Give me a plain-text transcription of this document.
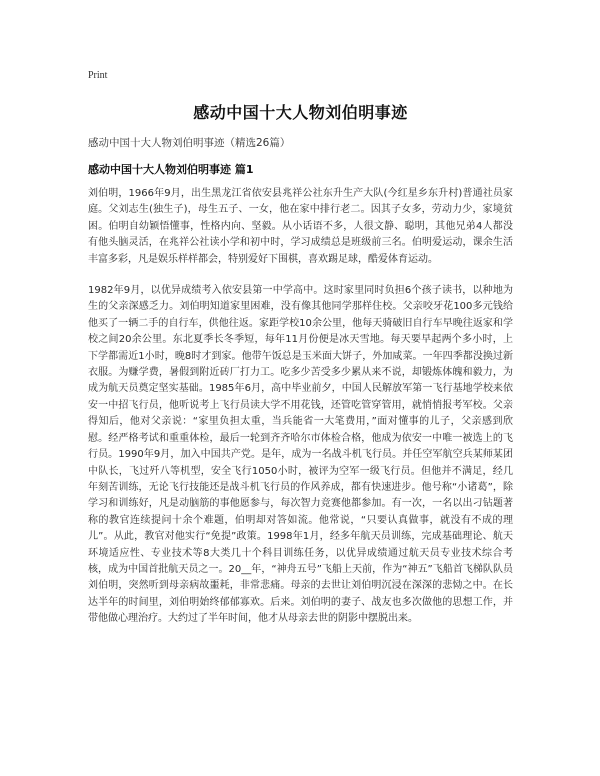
Print
感动中国十大人物刘伯明事迹

感动中国十大人物刘伯明事迹（精选26篇）

感动中国十大人物刘伯明事迹 篇1

刘伯明，1966年9月，出生黑龙江省依安县兆祥公社东升生产大队(今红星乡东升村)普通社员家庭。父刘志生(独生子)，母生五子、一女，他在家中排行老二。因其子女多，劳动力少，家境贫困。伯明自幼颖悟懂事，性格内向、坚毅。从小话语不多，人很文静、聪明，其他兄弟4人都没有他头脑灵活，在兆祥公社读小学和初中时，学习成绩总是班级前三名。伯明爱运动，课余生活丰富多彩，凡是娱乐样样都会，特别爱好下围棋，喜欢踢足球，酷爱体育运动。

1982年9月，以优异成绩考入依安县第一中学高中。这时家里同时负担6个孩子读书，以种地为生的父亲深感乏力。刘伯明知道家里困难，没有像其他同学那样住校。父亲咬牙花100多元钱给他买了一辆二手的自行车，供他往返。家距学校10余公里，他每天骑破旧自行车早晚往返家和学校之间20余公里。东北夏季长冬季短，每年11月份便是冰天雪地。每天要早起两个多小时，上下学都需近1小时，晚8时才到家。他带午饭总是玉米面大饼子，外加咸菜。一年四季都没换过新衣服。为赚学费，暑假到附近砖厂打力工。吃多少苦受多少累从来不说，却锻炼体魄和毅力，为成为航天员奠定坚实基础。1985年6月，高中毕业前夕，中国人民解放军第一飞行基地学校来依安一中招飞行员，他听说考上飞行员读大学不用花钱，还管吃管穿管用，就悄悄报考军校。父亲得知后，他对父亲说：“家里负担太重，当兵能省一大笔费用，”面对懂事的儿子，父亲感到欣慰。经严格考试和重重体检，最后一轮到齐齐哈尔市体检合格，他成为依安一中唯一被选上的飞行员。1990年9月，加入中国共产党。是年，成为一名战斗机飞行员。并任空军航空兵某师某团中队长，飞过歼八等机型，安全飞行1050小时，被评为空军一级飞行员。但他并不满足，经几年刻苦训练，无论飞行技能还是战斗机飞行员的作风养成，都有快速进步。他号称“小诸葛”，除学习和训练好，凡是动脑筋的事他愿参与，每次智力竞赛他都参加。有一次，一名以出刁钻题著称的教官连续提问十余个难题，伯明却对答如流。他常说，“只要认真做事，就没有不成的理儿”。从此，教官对他实行“免提”政策。1998年1月，经多年航天员训练，完成基础理论、航天环境适应性、专业技术等8大类几十个科目训练任务，以优异成绩通过航天员专业技术综合考核，成为中国首批航天员之一。20__年，“神舟五号”飞船上天前，作为“神五”飞船首飞梯队队员刘伯明，突然听到母亲病故噩耗，非常悲痛。母亲的去世让刘伯明沉浸在深深的悲恸之中。在长达半年的时间里，刘伯明始终郁郁寡欢。后来。刘伯明的妻子、战友也多次做他的思想工作，并带他做心理治疗。大约过了半年时间，他才从母亲去世的阴影中摆脱出来。
